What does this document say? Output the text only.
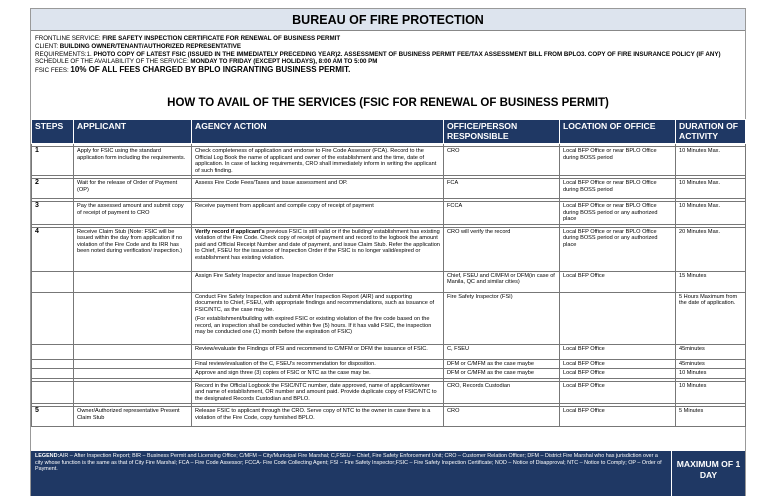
BUREAU OF FIRE PROTECTION
FRONTLINE SERVICE: FIRE SAFETY INSPECTION CERTIFICATE FOR RENEWAL OF BUSINESS PERMIT
CLIENT: BUILDING OWNER/TENANT/AUTHORIZED REPRESENTATIVE
REQUIREMENTS:1. PHOTO COPY OF LATEST FSIC (ISSUED IN THE IMMEDIATELY PRECEDING YEAR)2. ASSESSMENT OF BUSINESS PERMIT FEE/TAX ASSESSMENT BILL FROM BPLO3. COPY OF FIRE INSURANCE POLICY (IF ANY)
SCHEDULE OF THE AVAILABILITY OF THE SERVICE: MONDAY TO FRIDAY (EXCEPT HOLIDAYS), 8:00 AM TO 5:00 PM
FSIC FEES: 10% OF ALL FEES CHARGED BY BPLO INGRANTING BUSINESS PERMIT.
HOW TO AVAIL OF THE SERVICES (FSIC FOR RENEWAL OF BUSINESS PERMIT)
STEPS	APPLICANT	AGENCY ACTION	OFFICE/PERSON RESPONSIBLE	LOCATION OF OFFICE	DURATION OF ACTIVITY

1	Apply for FSIC using the standard application form including the requirements.	Check completeness of application and endorse to Fire Code Assessor (FCA). Record to the Official Log Book the name of applicant and owner of the establishment and the time, date of application. In case of lacking requirements, CRO shall immediately inform in writing the applicant of such finding.	CRO	Local BFP Office or near BPLO Office during BOSS period	10 Minutes Max.

2	Wait for the release of Order of Payment (OP)	Assess Fire Code Fees/Taxes and issue assessment and OP.	FCA	Local BFP Office or near BPLO Office during BOSS period	10 Minutes Max.

3	Pay the assessed amount and submit copy of receipt of payment to CRO	Receive payment from applicant and compile copy of receipt of payment	FCCA	Local BFP Office or near BPLO Office during BOSS period or any authorized place	10 Minutes Max.

4	Receive Claim Stub (Note: FSIC will be issued within the day from application if no violation of the Fire Code and its IRR has been noted during verification/ inspection.)	Verify record if applicant's previous FSIC is still valid or if the building/ establishment has existing violation of the Fire Code. Check copy of receipt of payment and record to the logbook the amount paid and Official Receipt Number and date of payment, and issue Claim Stub. Refer the application to Chief, FSEU for the issuance of Inspection Order if the FSIC is no longer valid/expired or establishment has existing violation.	CRO will verify the record	Local BFP Office or near BPLO Office during BOSS period or any authorized place	20 Minutes Max.
		Assign Fire Safety Inspector and issue Inspection Order	Chief, FSEU and C/MFM or DFM(in case of Manila, QC and similar cities)	Local BFP Office	15 Minutes

		Conduct Fire Safety Inspection and submit After Inspection Report (AIR) and supporting documents to Chief, FSEU, with appropriate findings and recommendations, such as issuance of FSIC/NTC, as the case may be.
(For establishment/building with expired FSIC or existing violation of the fire code based on the record, an inspection shall be conducted within five (5) hours. If it has valid FSIC, the inspection may be conducted one (1) month before the expiration of FSIC)	Fire Safety Inspector (FSI)		5 Hours Maximum from the date of application.
		Review/evaluate the Findings of FSI and recommend to C/MFM or DFM the issuance of FSIC.	C, FSEU	Local BFP Office	45minutes
		Final review/evaluation of the C, FSEU's recommendation for disposition.	DFM or C/MFM as the case maybe	Local BFP Office	45minutes
		Approve and sign three (3) copies of FSIC or NTC as the case may be.	DFM or C/MFM as the case maybe	Local BFP Office	10 Minutes

		Record in the Official Logbook the FSIC/NTC number, date approved, name of applicant/owner and name of establishment, OR number and amount paid. Provide duplicate copy of FSIC/NTC to the designated Records Custodian and BPLO.	CRO, Records Custodian	Local BFP Office	10 Minutes

5	Owner/Authorized representative Present Claim Stub	Release FSIC to applicant through the CRO. Serve copy of NTC to the owner in case there is a violation of the Fire Code, copy furnished BPLO.	CRO	Local BFP Office	5 Minutes
LEGEND:AIR – After Inspection Report; BIR – Business Permit and Licensing Office; C/MFM – City/Municipal Fire Marshal; C,FSEU – Chief, Fire Safety Enforcement Unit; CRO – Customer Relation Officer; DFM – District Fire Marshal who has jurisdiction over a city whose function is the same as that of City Fire Marshal; FCA – Fire Code Assessor; FCCA- Fire Code Collecting Agent; FSI – Fire Safety Inspector;FSIC – Fire Safety Inspection Certificate; NOD – Notice of Disapproval; NTC – Notice to Comply; OP – Order of Payment.
MAXIMUM OF 1 DAY
